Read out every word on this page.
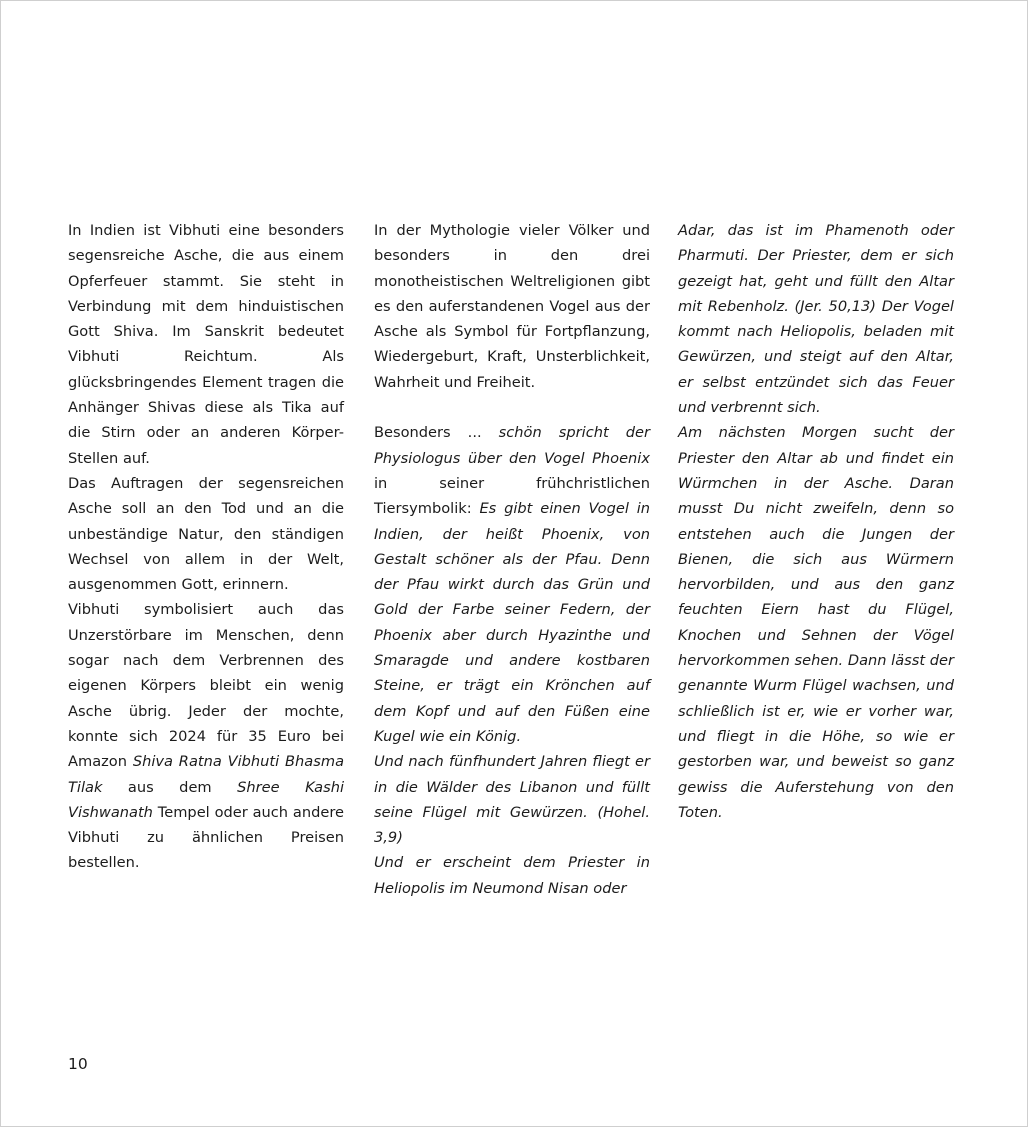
In Indien ist Vibhuti eine besonders segensreiche Asche, die aus einem Opferfeuer stammt. Sie steht in Verbindung mit dem hinduistischen Gott Shiva. Im Sanskrit bedeutet Vibhuti Reichtum. Als glücksbringendes Element tragen die Anhänger Shivas diese als Tika auf die Stirn oder an anderen Körper-Stellen auf.

Das Auftragen der segensreichen Asche soll an den Tod und an die unbeständige Natur, den ständigen Wechsel von allem in der Welt, ausgenommen Gott, erinnern.

Vibhuti symbolisiert auch das Unzerstörbare im Menschen, denn sogar nach dem Verbrennen des eigenen Körpers bleibt ein wenig Asche übrig. Jeder der mochte, konnte sich 2024 für 35 Euro bei Amazon Shiva Ratna Vibhuti Bhasma Tilak aus dem Shree Kashi Vishwanath Tempel oder auch andere Vibhuti zu ähnlichen Preisen bestellen.

In der Mythologie vieler Völker und besonders in den drei monotheistischen Weltreligionen gibt es den auferstandenen Vogel aus der Asche als Symbol für Fortpflanzung, Wiedergeburt, Kraft, Unsterblichkeit, Wahrheit und Freiheit.

Besonders ... schön spricht der Physiologus über den Vogel Phoenix in seiner frühchristlichen Tiersymbolik: Es gibt einen Vogel in Indien, der heißt Phoenix, von Gestalt schöner als der Pfau. Denn der Pfau wirkt durch das Grün und Gold der Farbe seiner Federn, der Phoenix aber durch Hyazinthe und Smaragde und andere kostbaren Steine, er trägt ein Krönchen auf dem Kopf und auf den Füßen eine Kugel wie ein König.

Und nach fünfhundert Jahren fliegt er in die Wälder des Libanon und füllt seine Flügel mit Gewürzen. (Hohel. 3,9)

Und er erscheint dem Priester in Heliopolis im Neumond Nisan oder

Adar, das ist im Phamenoth oder Pharmuti. Der Priester, dem er sich gezeigt hat, geht und füllt den Altar mit Rebenholz. (Jer. 50,13) Der Vogel kommt nach Heliopolis, beladen mit Gewürzen, und steigt auf den Altar, er selbst entzündet sich das Feuer und verbrennt sich.

Am nächsten Morgen sucht der Priester den Altar ab und findet ein Würmchen in der Asche. Daran musst Du nicht zweifeln, denn so entstehen auch die Jungen der Bienen, die sich aus Würmern hervorbilden, und aus den ganz feuchten Eiern hast du Flügel, Knochen und Sehnen der Vögel hervorkommen sehen. Dann lässt der genannte Wurm Flügel wachsen, und schließlich ist er, wie er vorher war, und fliegt in die Höhe, so wie er gestorben war, und beweist so ganz gewiss die Auferstehung von den Toten.

10
